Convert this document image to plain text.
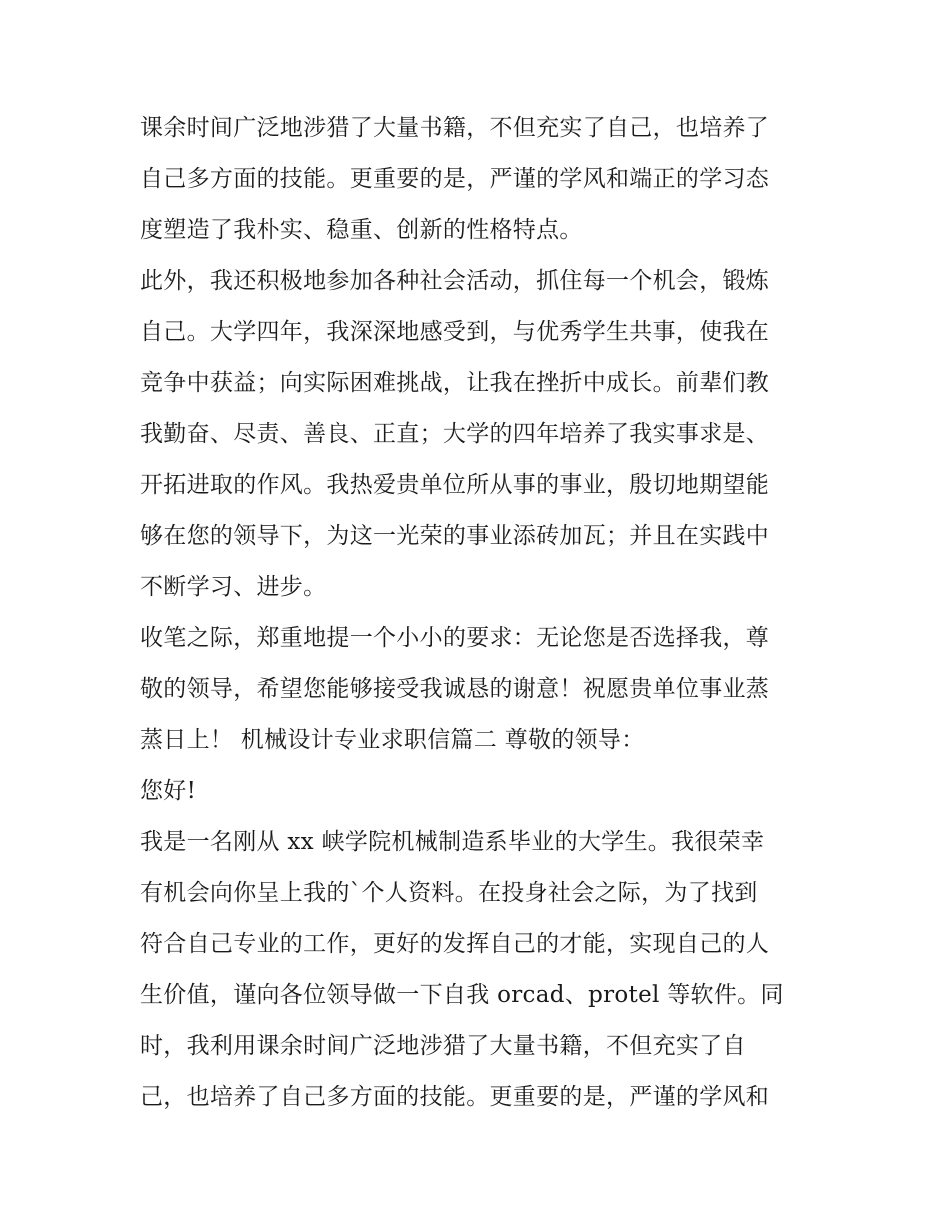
课余时间广泛地涉猎了大量书籍，不但充实了自己，也培养了
自己多方面的技能。更重要的是，严谨的学风和端正的学习态
度塑造了我朴实、稳重、创新的性格特点。
此外，我还积极地参加各种社会活动，抓住每一个机会，锻炼
自己。大学四年，我深深地感受到，与优秀学生共事，使我在
竞争中获益；向实际困难挑战，让我在挫折中成长。前辈们教
我勤奋、尽责、善良、正直；大学的四年培养了我实事求是、
开拓进取的作风。我热爱贵单位所从事的事业，殷切地期望能
够在您的领导下，为这一光荣的事业添砖加瓦；并且在实践中
不断学习、进步。
收笔之际，郑重地提一个小小的要求：无论您是否选择我，尊
敬的领导，希望您能够接受我诚恳的谢意！祝愿贵单位事业蒸
蒸日上！ 机械设计专业求职信篇二 尊敬的领导：
您好!
我是一名刚从 xx 峡学院机械制造系毕业的大学生。我很荣幸
有机会向你呈上我的`个人资料。在投身社会之际，为了找到
符合自己专业的工作，更好的发挥自己的才能，实现自己的人
生价值，谨向各位领导做一下自我 orcad、protel 等软件。同
时，我利用课余时间广泛地涉猎了大量书籍，不但充实了自
己，也培养了自己多方面的技能。更重要的是，严谨的学风和
